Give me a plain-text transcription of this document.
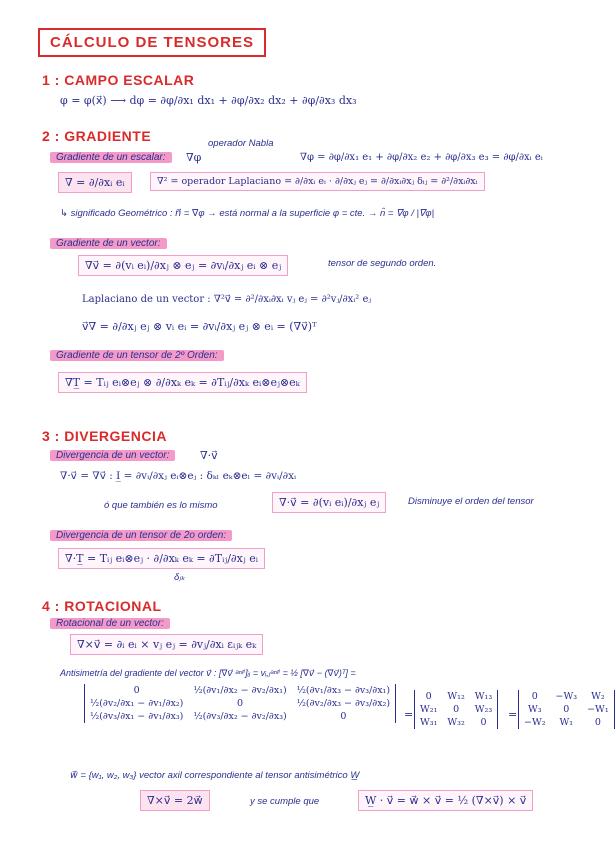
CÁLCULO DE TENSORES
1 : CAMPO ESCALAR
φ = φ(x⃗) ⟶ dφ = ∂φ/∂x₁ dx₁ + ∂φ/∂x₂ dx₂ + ∂φ/∂x₃ dx₃
2 : GRADIENTE
Gradiente de un escalar:	∇φ
operador Nabla
∇φ = ∂φ/∂x₁ e₁ + ∂φ/∂x₂ e₂ + ∂φ/∂x₃ e₃ = ∂φ/∂xᵢ eᵢ
∇ = ∂/∂xᵢ eᵢ	∇² = operador Laplaciano = ∂/∂xᵢ eᵢ · ∂/∂xⱼ eⱼ = ∂/∂xᵢ∂xⱼ δᵢⱼ = ∂²/∂xᵢ∂xᵢ
↳ significado Geométrico : n⃗ = ∇φ → está normal a la superficie φ = cte. → n̂ = ∇φ / |∇φ|
Gradiente de un vector:
∇v⃗ = ∂(vᵢ eᵢ)/∂xⱼ ⊗ eⱼ = ∂vᵢ/∂xⱼ eᵢ ⊗ eⱼ	tensor de segundo orden.
Laplaciano de un vector : ∇²v⃗ = ∂²/∂xᵢ∂xᵢ vⱼ eⱼ = ∂²vⱼ/∂xᵢ² eⱼ
v⃗∇ = ∂/∂xⱼ eⱼ ⊗ vᵢ eᵢ = ∂vᵢ/∂xⱼ eⱼ ⊗ eᵢ = (∇v⃗)ᵀ
Gradiente de un tensor de 2º Orden:
∇T̲ = Tᵢⱼ eᵢ⊗eⱼ ⊗ ∂/∂xₖ eₖ = ∂Tᵢⱼ/∂xₖ eᵢ⊗eⱼ⊗eₖ
3 : DIVERGENCIA
Divergencia de un vector:	∇·v⃗
∇·v⃗ = ∇v⃗ : I̲ = ∂vᵢ/∂xⱼ eᵢ⊗eⱼ : δₖₗ eₖ⊗eₗ = ∂vᵢ/∂xᵢ
ó que también es lo mismo	∇·v⃗ = ∂(vᵢ eᵢ)/∂xⱼ eⱼ	Disminuye el orden del tensor
Divergencia de un tensor de 2o orden:
∇·T̲ = Tᵢⱼ eᵢ⊗eⱼ · ∂/∂xₖ eₖ = ∂Tᵢⱼ/∂xⱼ eᵢ
δⱼₖ
4 : ROTACIONAL
Rotacional de un vector:
∇×v⃗ = ∂ᵢ eᵢ × vⱼ eⱼ = ∂vⱼ/∂xᵢ εᵢⱼₖ eₖ
Antisimetría del gradiente del vector v⃗ : [∇v⃗ ᵃⁿᵗⁱ]ᵢⱼ = vᵢ,ⱼᵃⁿᵗⁱ = ½ [∇v⃗ − (∇v⃗)ᵀ] =
0	½(∂v₁/∂x₂ − ∂v₂/∂x₁)	½(∂v₁/∂x₃ − ∂v₃/∂x₁)
½(∂v₂/∂x₁ − ∂v₁/∂x₂)	0	½(∂v₂/∂x₃ − ∂v₃/∂x₂)
½(∂v₃/∂x₁ − ∂v₁/∂x₃)	½(∂v₃/∂x₂ − ∂v₂/∂x₃)	0	=
0	W₁₂	W₁₃
W₂₁	0	W₂₃
W₃₁	W₃₂	0
=
0	−W₃	W₂
W₃	0	−W₁
−W₂	W₁	0
w⃗ = {w₁, w₂, w₃} vector axil correspondiente al tensor antisimétrico W̲
∇×v⃗ = 2w⃗	y se cumple que	W̲ · v⃗ = w⃗ × v⃗ = ½ (∇×v⃗) × v⃗
